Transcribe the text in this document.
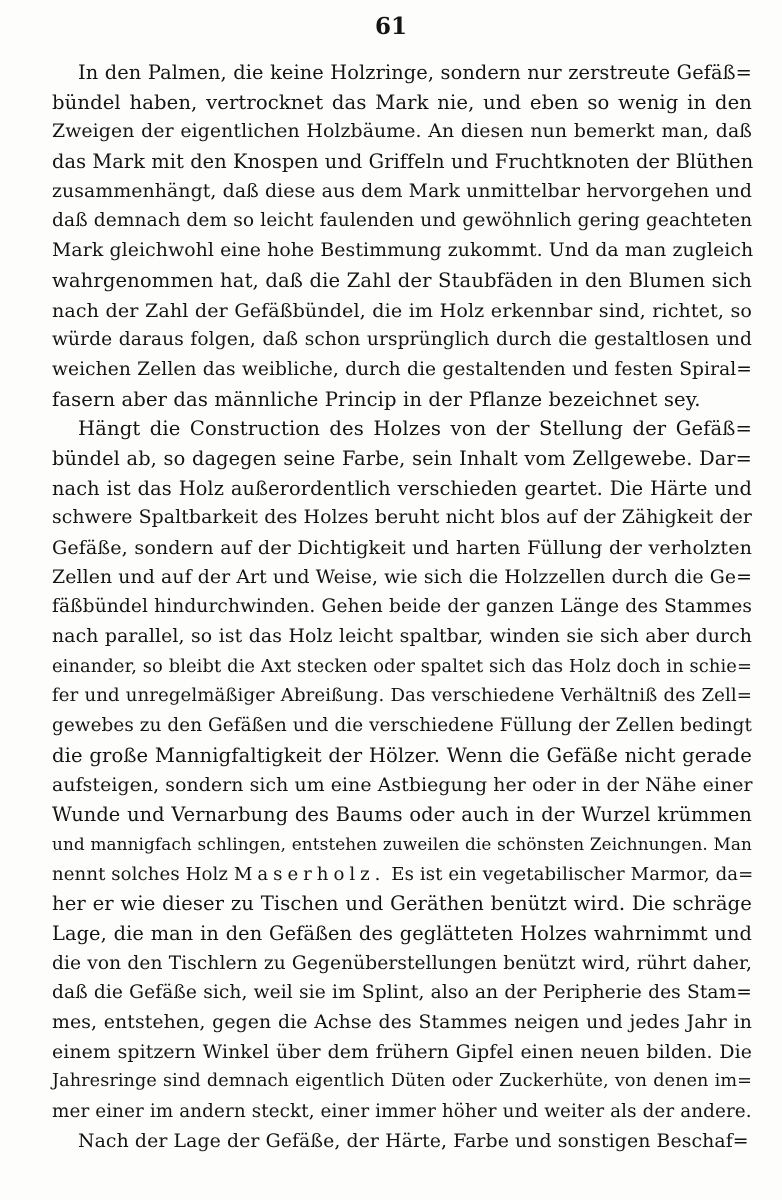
61
In den Palmen, die keine Holzringe, sondern nur zerstreute Gefäß=
bündel haben, vertrocknet das Mark nie, und eben so wenig in den
Zweigen der eigentlichen Holzbäume. An diesen nun bemerkt man, daß
das Mark mit den Knospen und Griffeln und Fruchtknoten der Blüthen
zusammenhängt, daß diese aus dem Mark unmittelbar hervorgehen und
daß demnach dem so leicht faulenden und gewöhnlich gering geachteten
Mark gleichwohl eine hohe Bestimmung zukommt. Und da man zugleich
wahrgenommen hat, daß die Zahl der Staubfäden in den Blumen sich
nach der Zahl der Gefäßbündel, die im Holz erkennbar sind, richtet, so
würde daraus folgen, daß schon ursprünglich durch die gestaltlosen und
weichen Zellen das weibliche, durch die gestaltenden und festen Spiral=
fasern aber das männliche Princip in der Pflanze bezeichnet sey.
Hängt die Construction des Holzes von der Stellung der Gefäß=
bündel ab, so dagegen seine Farbe, sein Inhalt vom Zellgewebe. Dar=
nach ist das Holz außerordentlich verschieden geartet. Die Härte und
schwere Spaltbarkeit des Holzes beruht nicht blos auf der Zähigkeit der
Gefäße, sondern auf der Dichtigkeit und harten Füllung der verholzten
Zellen und auf der Art und Weise, wie sich die Holzzellen durch die Ge=
fäßbündel hindurchwinden. Gehen beide der ganzen Länge des Stammes
nach parallel, so ist das Holz leicht spaltbar, winden sie sich aber durch
einander, so bleibt die Axt stecken oder spaltet sich das Holz doch in schie=
fer und unregelmäßiger Abreißung. Das verschiedene Verhältniß des Zell=
gewebes zu den Gefäßen und die verschiedene Füllung der Zellen bedingt
die große Mannigfaltigkeit der Hölzer. Wenn die Gefäße nicht gerade
aufsteigen, sondern sich um eine Astbiegung her oder in der Nähe einer
Wunde und Vernarbung des Baums oder auch in der Wurzel krümmen
und mannigfach schlingen, entstehen zuweilen die schönsten Zeichnungen. Man
nennt solches Holz Maserholz. Es ist ein vegetabilischer Marmor, da=
her er wie dieser zu Tischen und Geräthen benützt wird. Die schräge
Lage, die man in den Gefäßen des geglätteten Holzes wahrnimmt und
die von den Tischlern zu Gegenüberstellungen benützt wird, rührt daher,
daß die Gefäße sich, weil sie im Splint, also an der Peripherie des Stam=
mes, entstehen, gegen die Achse des Stammes neigen und jedes Jahr in
einem spitzern Winkel über dem frühern Gipfel einen neuen bilden. Die
Jahresringe sind demnach eigentlich Düten oder Zuckerhüte, von denen im=
mer einer im andern steckt, einer immer höher und weiter als der andere.
Nach der Lage der Gefäße, der Härte, Farbe und sonstigen Beschaf=
